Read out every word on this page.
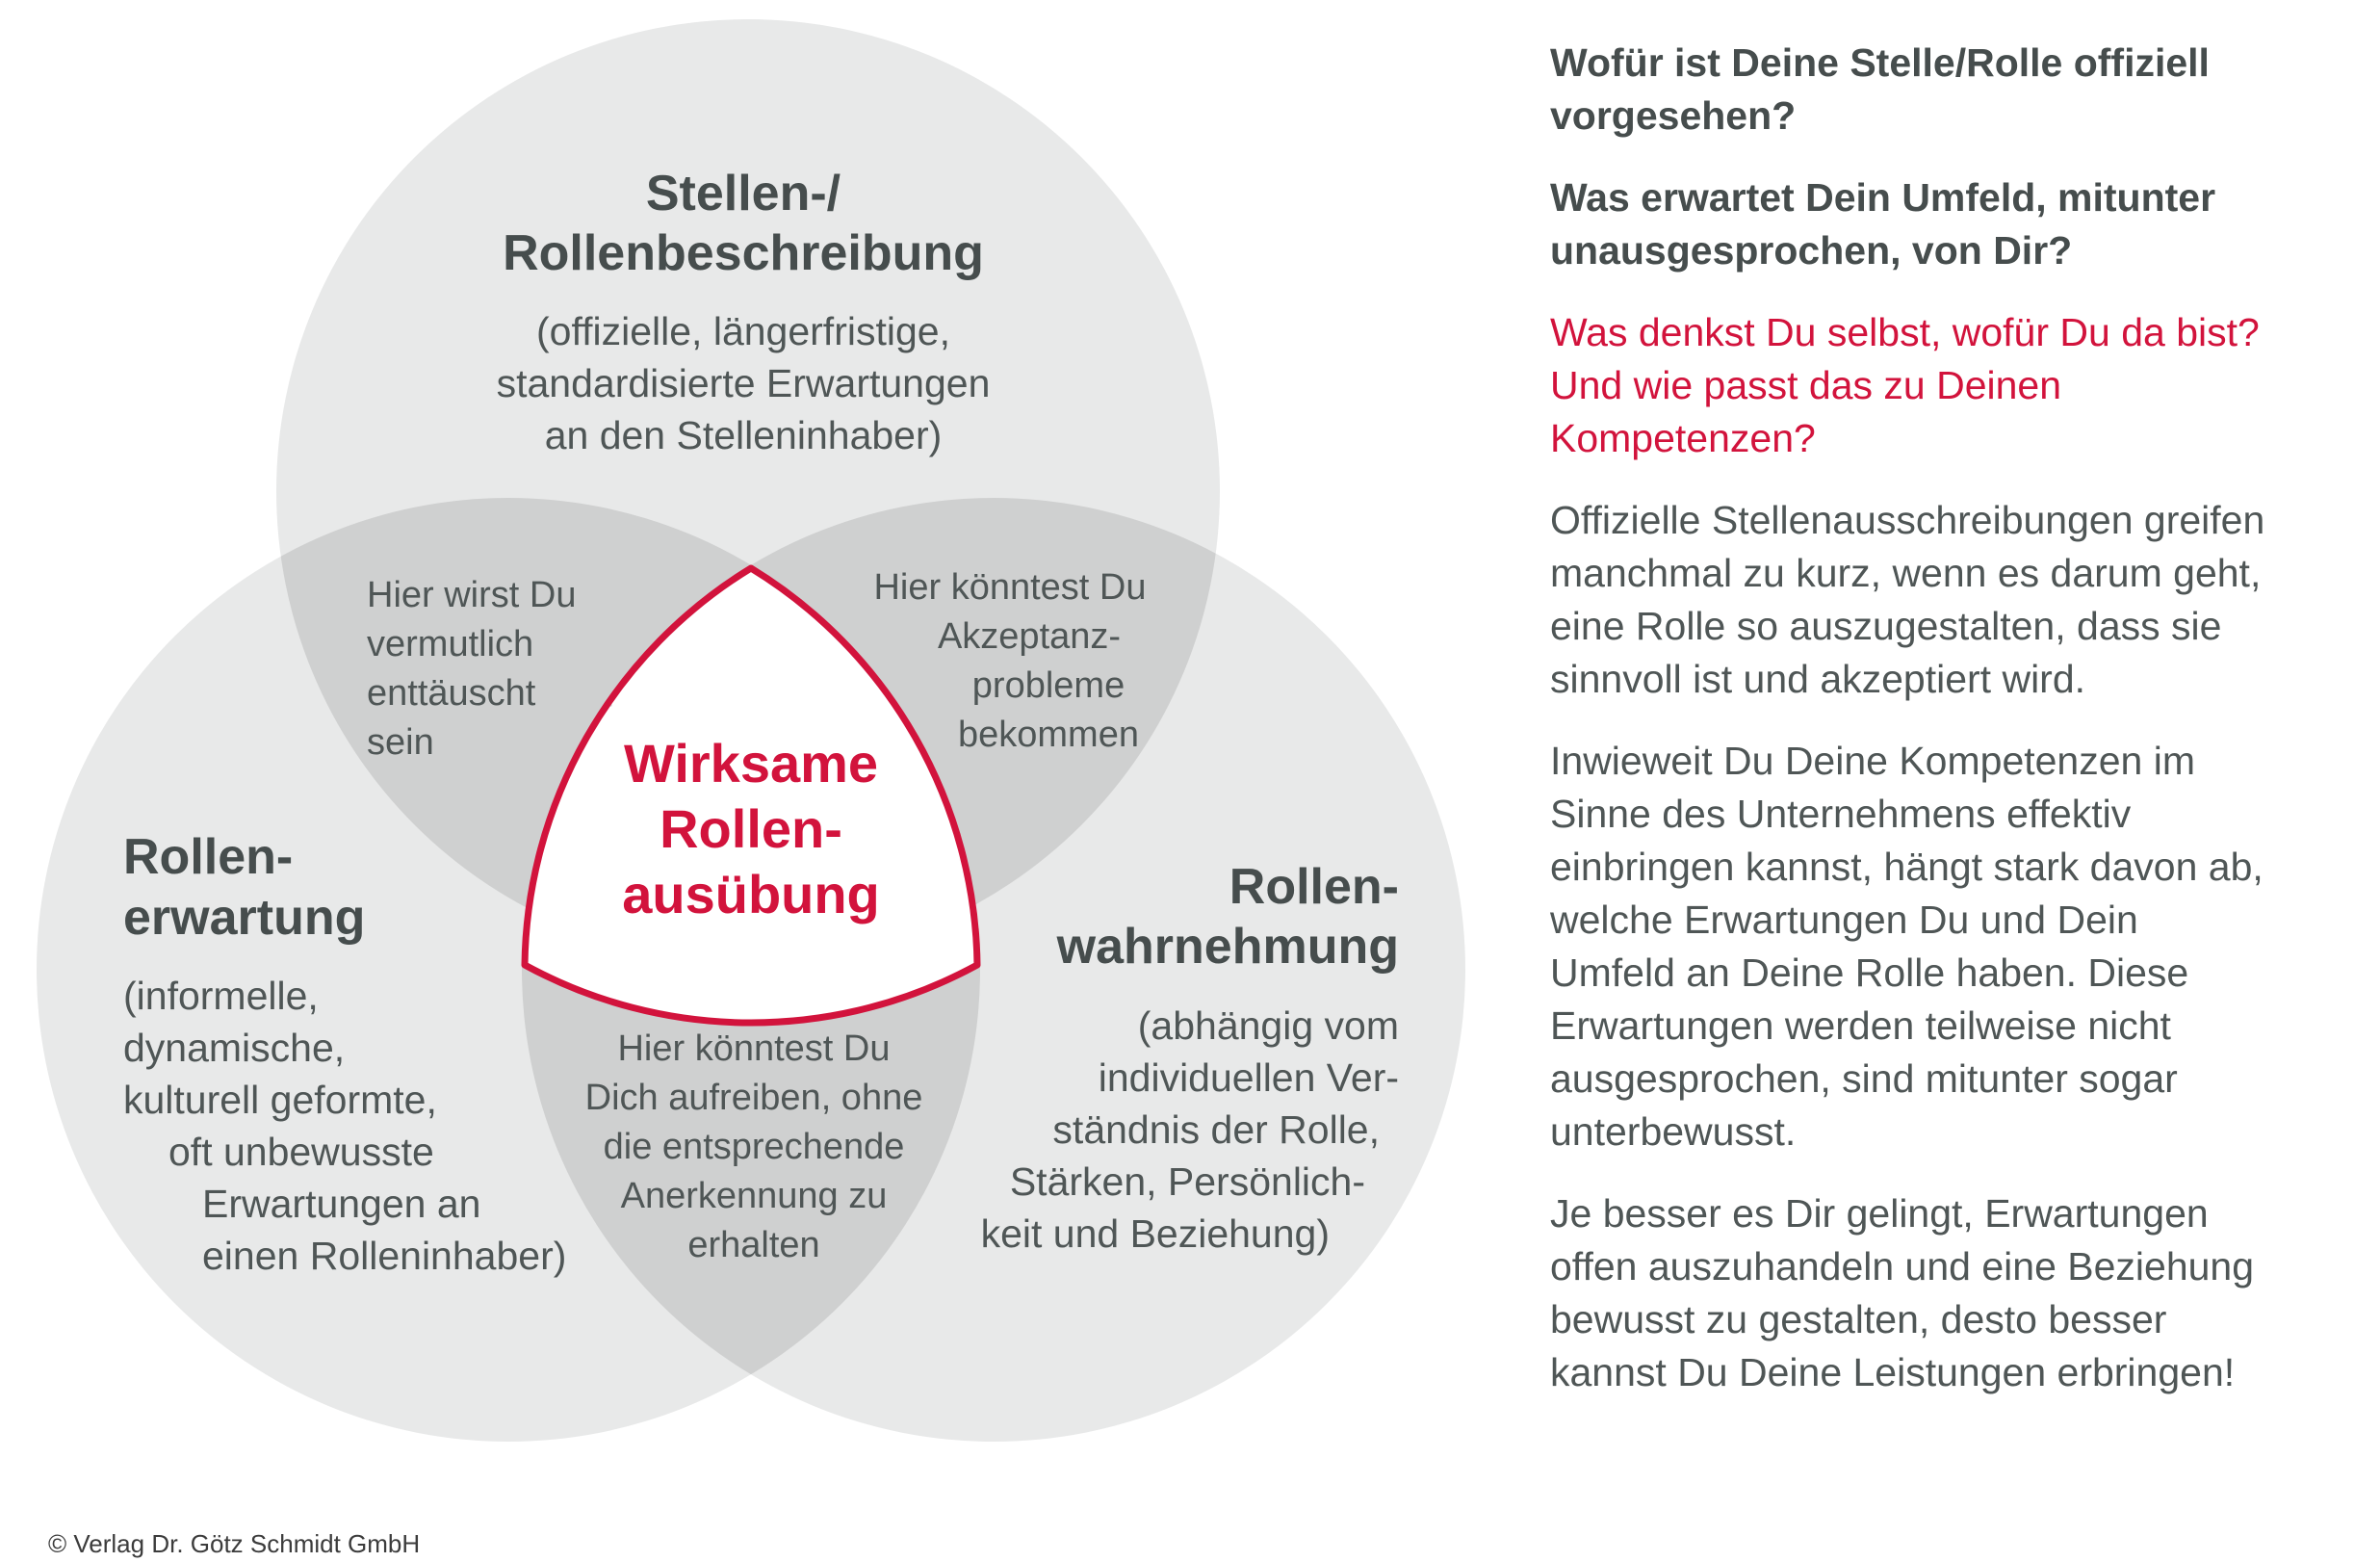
Stellen-/
Rollenbeschreibung
(offizielle, längerfristige,
standardisierte Erwartungen
an den Stelleninhaber)
Rollen-
erwartung
(informelle,
dynamische,
kulturell geformte,
oft unbewusste
Erwartungen an
einen Rolleninhaber)
Rollen-
wahrnehmung
(abhängig vom
individuellen Ver-
ständnis der Rolle,
Stärken, Persönlich-
keit und Beziehung)
Hier wirst Du
vermutlich
enttäuscht
sein
Hier könntest Du
Akzeptanz-
probleme
bekommen
Hier könntest Du
Dich aufreiben, ohne
die entsprechende
Anerkennung zu
erhalten
Wirksame
Rollen-
ausübung

Wofür ist Deine Stelle/Rolle offiziell
vorgesehen?

Was erwartet Dein Umfeld, mitunter
unausgesprochen, von Dir?

Was denkst Du selbst, wofür Du da bist?
Und wie passt das zu Deinen
Kompetenzen?

Offizielle Stellenausschreibungen greifen
manchmal zu kurz, wenn es darum geht,
eine Rolle so auszugestalten, dass sie
sinnvoll ist und akzeptiert wird.

Inwieweit Du Deine Kompetenzen im
Sinne des Unternehmens effektiv
einbringen kannst, hängt stark davon ab,
welche Erwartungen Du und Dein
Umfeld an Deine Rolle haben. Diese
Erwartungen werden teilweise nicht
ausgesprochen, sind mitunter sogar
unterbewusst.

Je besser es Dir gelingt, Erwartungen
offen auszuhandeln und eine Beziehung
bewusst zu gestalten, desto besser
kannst Du Deine Leistungen erbringen!

© Verlag Dr. Götz Schmidt GmbH
